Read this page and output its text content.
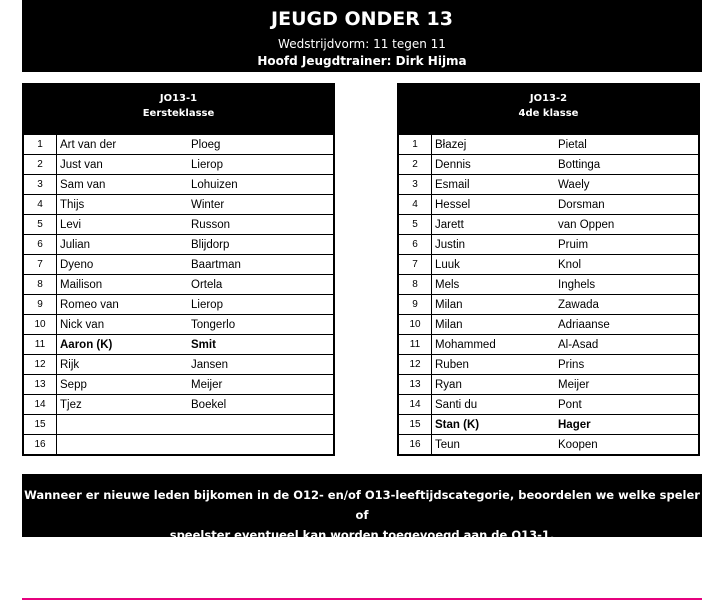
JEUGD ONDER 13
Wedstrijdvorm: 11 tegen 11
Hoofd Jeugdtrainer: Dirk Hijma
JO13-1
Eersteklasse
1	Art van der	Ploeg
2	Just van	Lierop
3	Sam van	Lohuizen
4	Thijs	Winter
5	Levi	Russon
6	Julian	Blijdorp
7	Dyeno	Baartman
8	Mailison	Ortela
9	Romeo van	Lierop
10	Nick van	Tongerlo
11	Aaron (K)	Smit
12	Rijk	Jansen
13	Sepp	Meijer
14	Tjez	Boekel
15		
16		
JO13-2
4de klasse
1	Błazej	Pietal
2	Dennis	Bottinga
3	Esmail	Waely
4	Hessel	Dorsman
5	Jarett	van Oppen
6	Justin	Pruim
7	Luuk	Knol
8	Mels	Inghels
9	Milan	Zawada
10	Milan	Adriaanse
11	Mohammed	Al-Asad
12	Ruben	Prins
13	Ryan	Meijer
14	Santi du	Pont
15	Stan (K)	Hager
16	Teun	Koopen
Wanneer er nieuwe leden bijkomen in de O12- en/of O13-leeftijdscategorie, beoordelen we welke speler of
speelster eventueel kan worden toegevoegd aan de O13-1.
